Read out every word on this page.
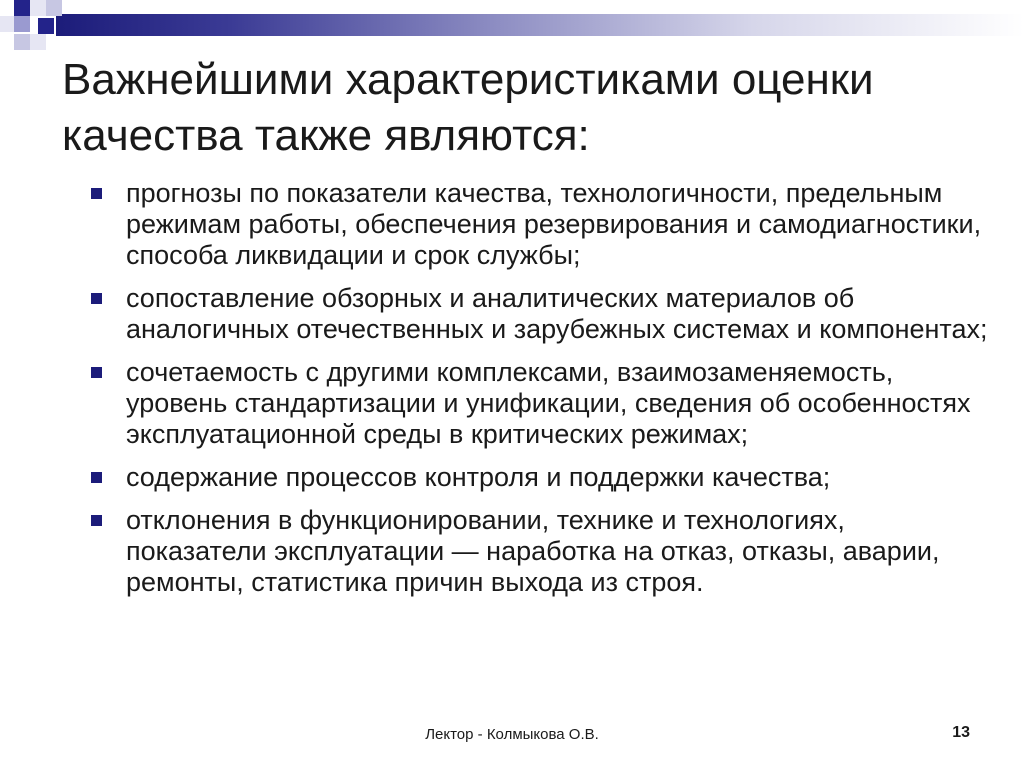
Важнейшими характеристиками оценки качества также являются:
прогнозы по показатели качества, технологичности, предельным режимам работы, обеспечения резервирования и самодиагностики, способа ликвидации и срок службы;
сопоставление обзорных и аналитических материалов об аналогичных отечественных и зарубежных системах и компонентах;
сочетаемость с другими комплексами, взаимозаменяемость, уровень стандартизации и унификации, сведения об особенностях эксплуатационной среды в критических режимах;
содержание процессов контроля и поддержки качества;
отклонения в функционировании, технике и технологиях, показатели эксплуатации — наработка на отказ, отказы, аварии, ремонты, статистика причин выхода из строя.
Лектор - Колмыкова О.В.	13
